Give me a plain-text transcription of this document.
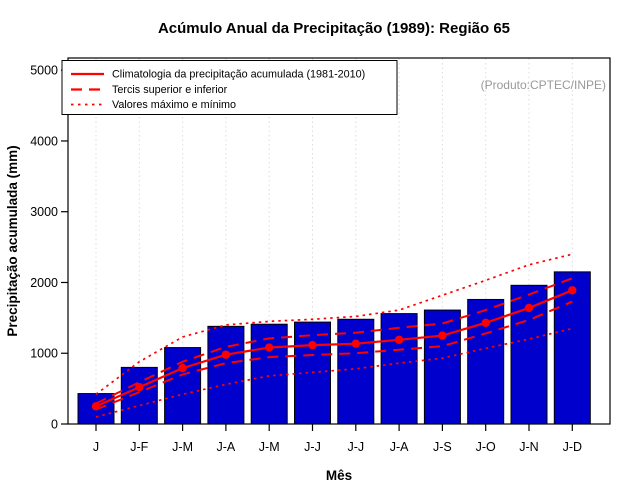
0
1000
2000
3000
4000
5000
J J-F J-M J-A J-M J-J J-J J-A J-S J-O J-N J-D
Acúmulo Anual da Precipitação (1989): Região 65
Precipitação acumulada (mm)
Mês
(Produto:CPTEC/INPE)
Climatologia da precipitação acumulada (1981-2010)
Tercis superior e inferior
Valores máximo e mínimo
